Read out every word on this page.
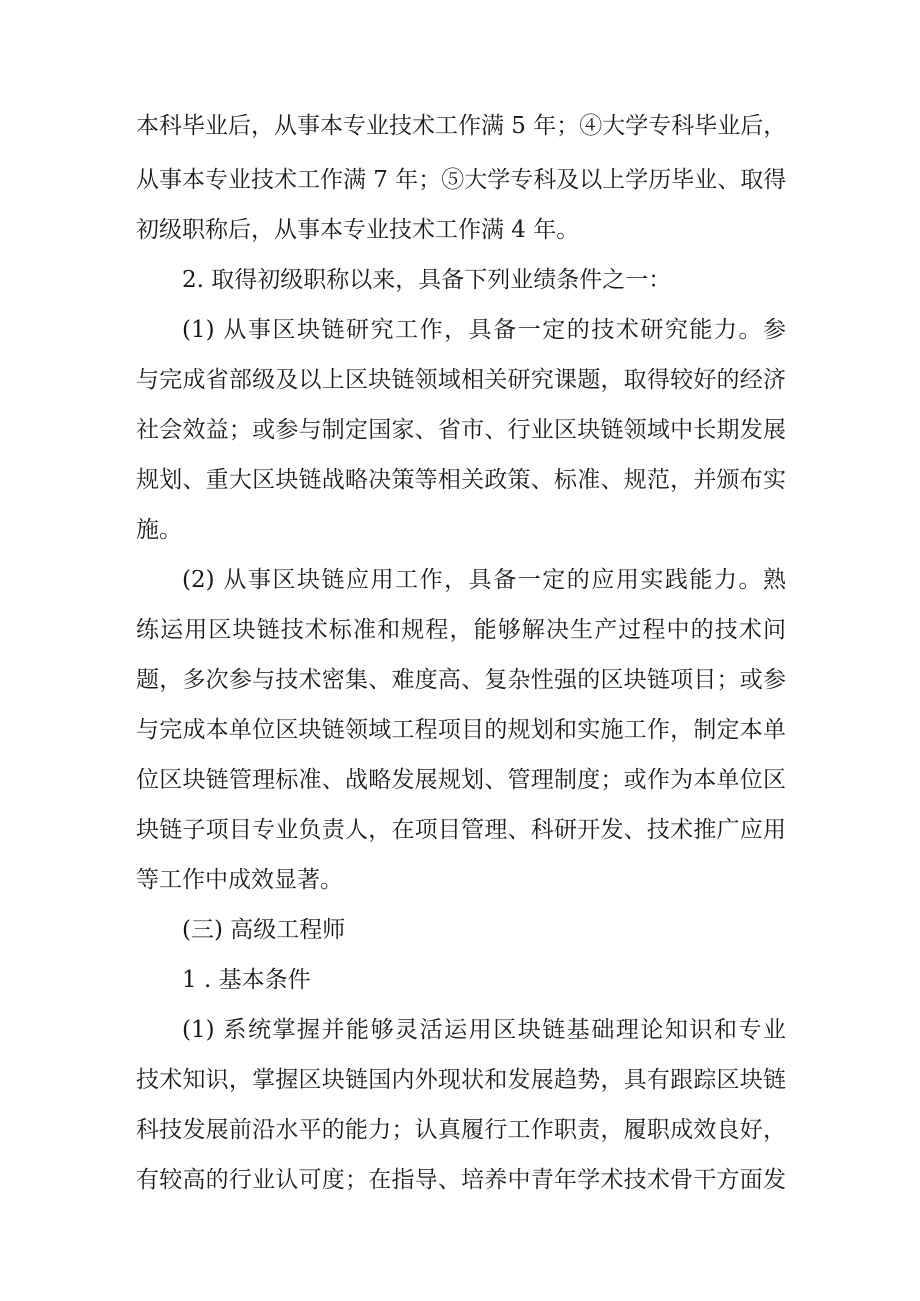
本科毕业后，从事本专业技术工作满 5 年；④大学专科毕业后，
从事本专业技术工作满 7 年；⑤大学专科及以上学历毕业、取得
初级职称后，从事本专业技术工作满 4 年。
2. 取得初级职称以来，具备下列业绩条件之一：
(1) 从事区块链研究工作，具备一定的技术研究能力。参
与完成省部级及以上区块链领域相关研究课题，取得较好的经济
社会效益；或参与制定国家、省市、行业区块链领域中长期发展
规划、重大区块链战略决策等相关政策、标准、规范，并颁布实
施。
(2) 从事区块链应用工作，具备一定的应用实践能力。熟
练运用区块链技术标准和规程，能够解决生产过程中的技术问
题，多次参与技术密集、难度高、复杂性强的区块链项目；或参
与完成本单位区块链领域工程项目的规划和实施工作，制定本单
位区块链管理标准、战略发展规划、管理制度；或作为本单位区
块链子项目专业负责人，在项目管理、科研开发、技术推广应用
等工作中成效显著。
(三) 高级工程师
1 . 基本条件
(1) 系统掌握并能够灵活运用区块链基础理论知识和专业
技术知识，掌握区块链国内外现状和发展趋势，具有跟踪区块链
科技发展前沿水平的能力；认真履行工作职责，履职成效良好，
有较高的行业认可度；在指导、培养中青年学术技术骨干方面发
